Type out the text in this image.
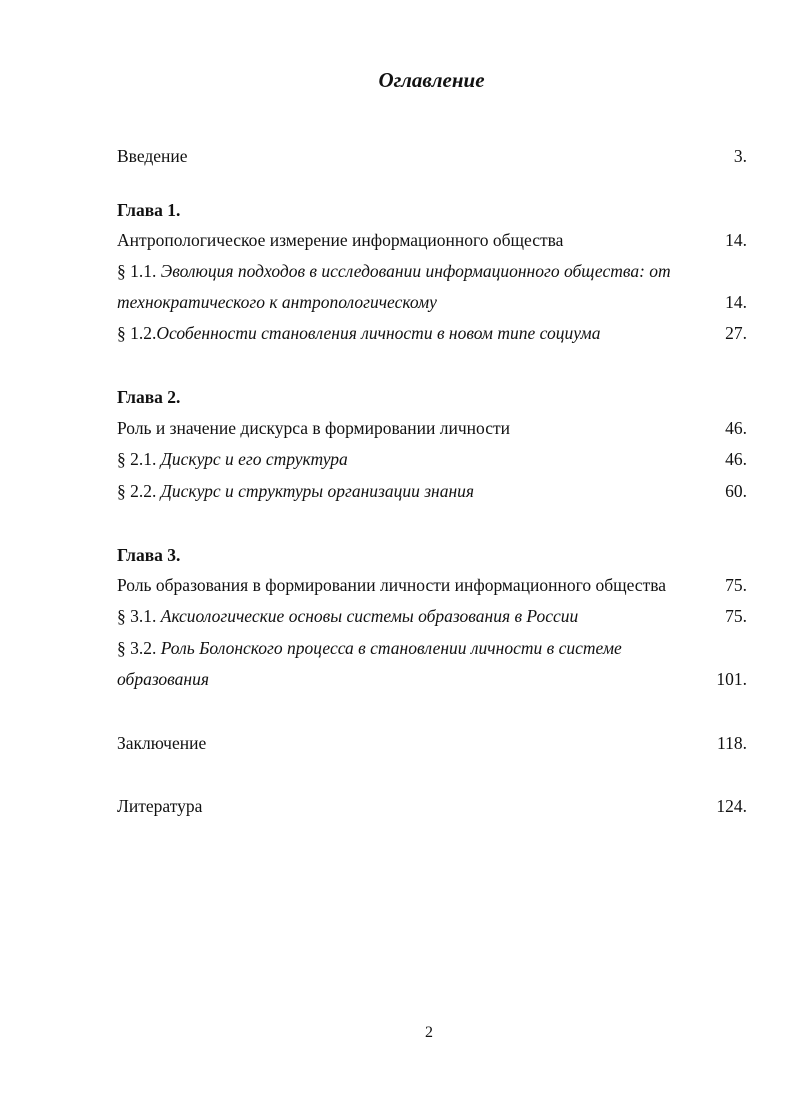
Оглавление
Введение	3.
Глава 1.
Антропологическое измерение информационного общества	14.
§ 1.1. Эволюция подходов в исследовании информационного общества: от
технократического к антропологическому	14.
§ 1.2.Особенности становления личности в новом типе социума	27.
Глава 2.
Роль и значение дискурса в формировании личности	46.
§ 2.1. Дискурс и его структура	46.
§ 2.2. Дискурс и структуры организации знания	60.
Глава 3.
Роль образования в формировании личности информационного общества	75.
§ 3.1. Аксиологические основы системы образования в России	75.
§ 3.2. Роль Болонского процесса в становлении личности в системе
образования	101.
Заключение	118.
Литература	124.
2
